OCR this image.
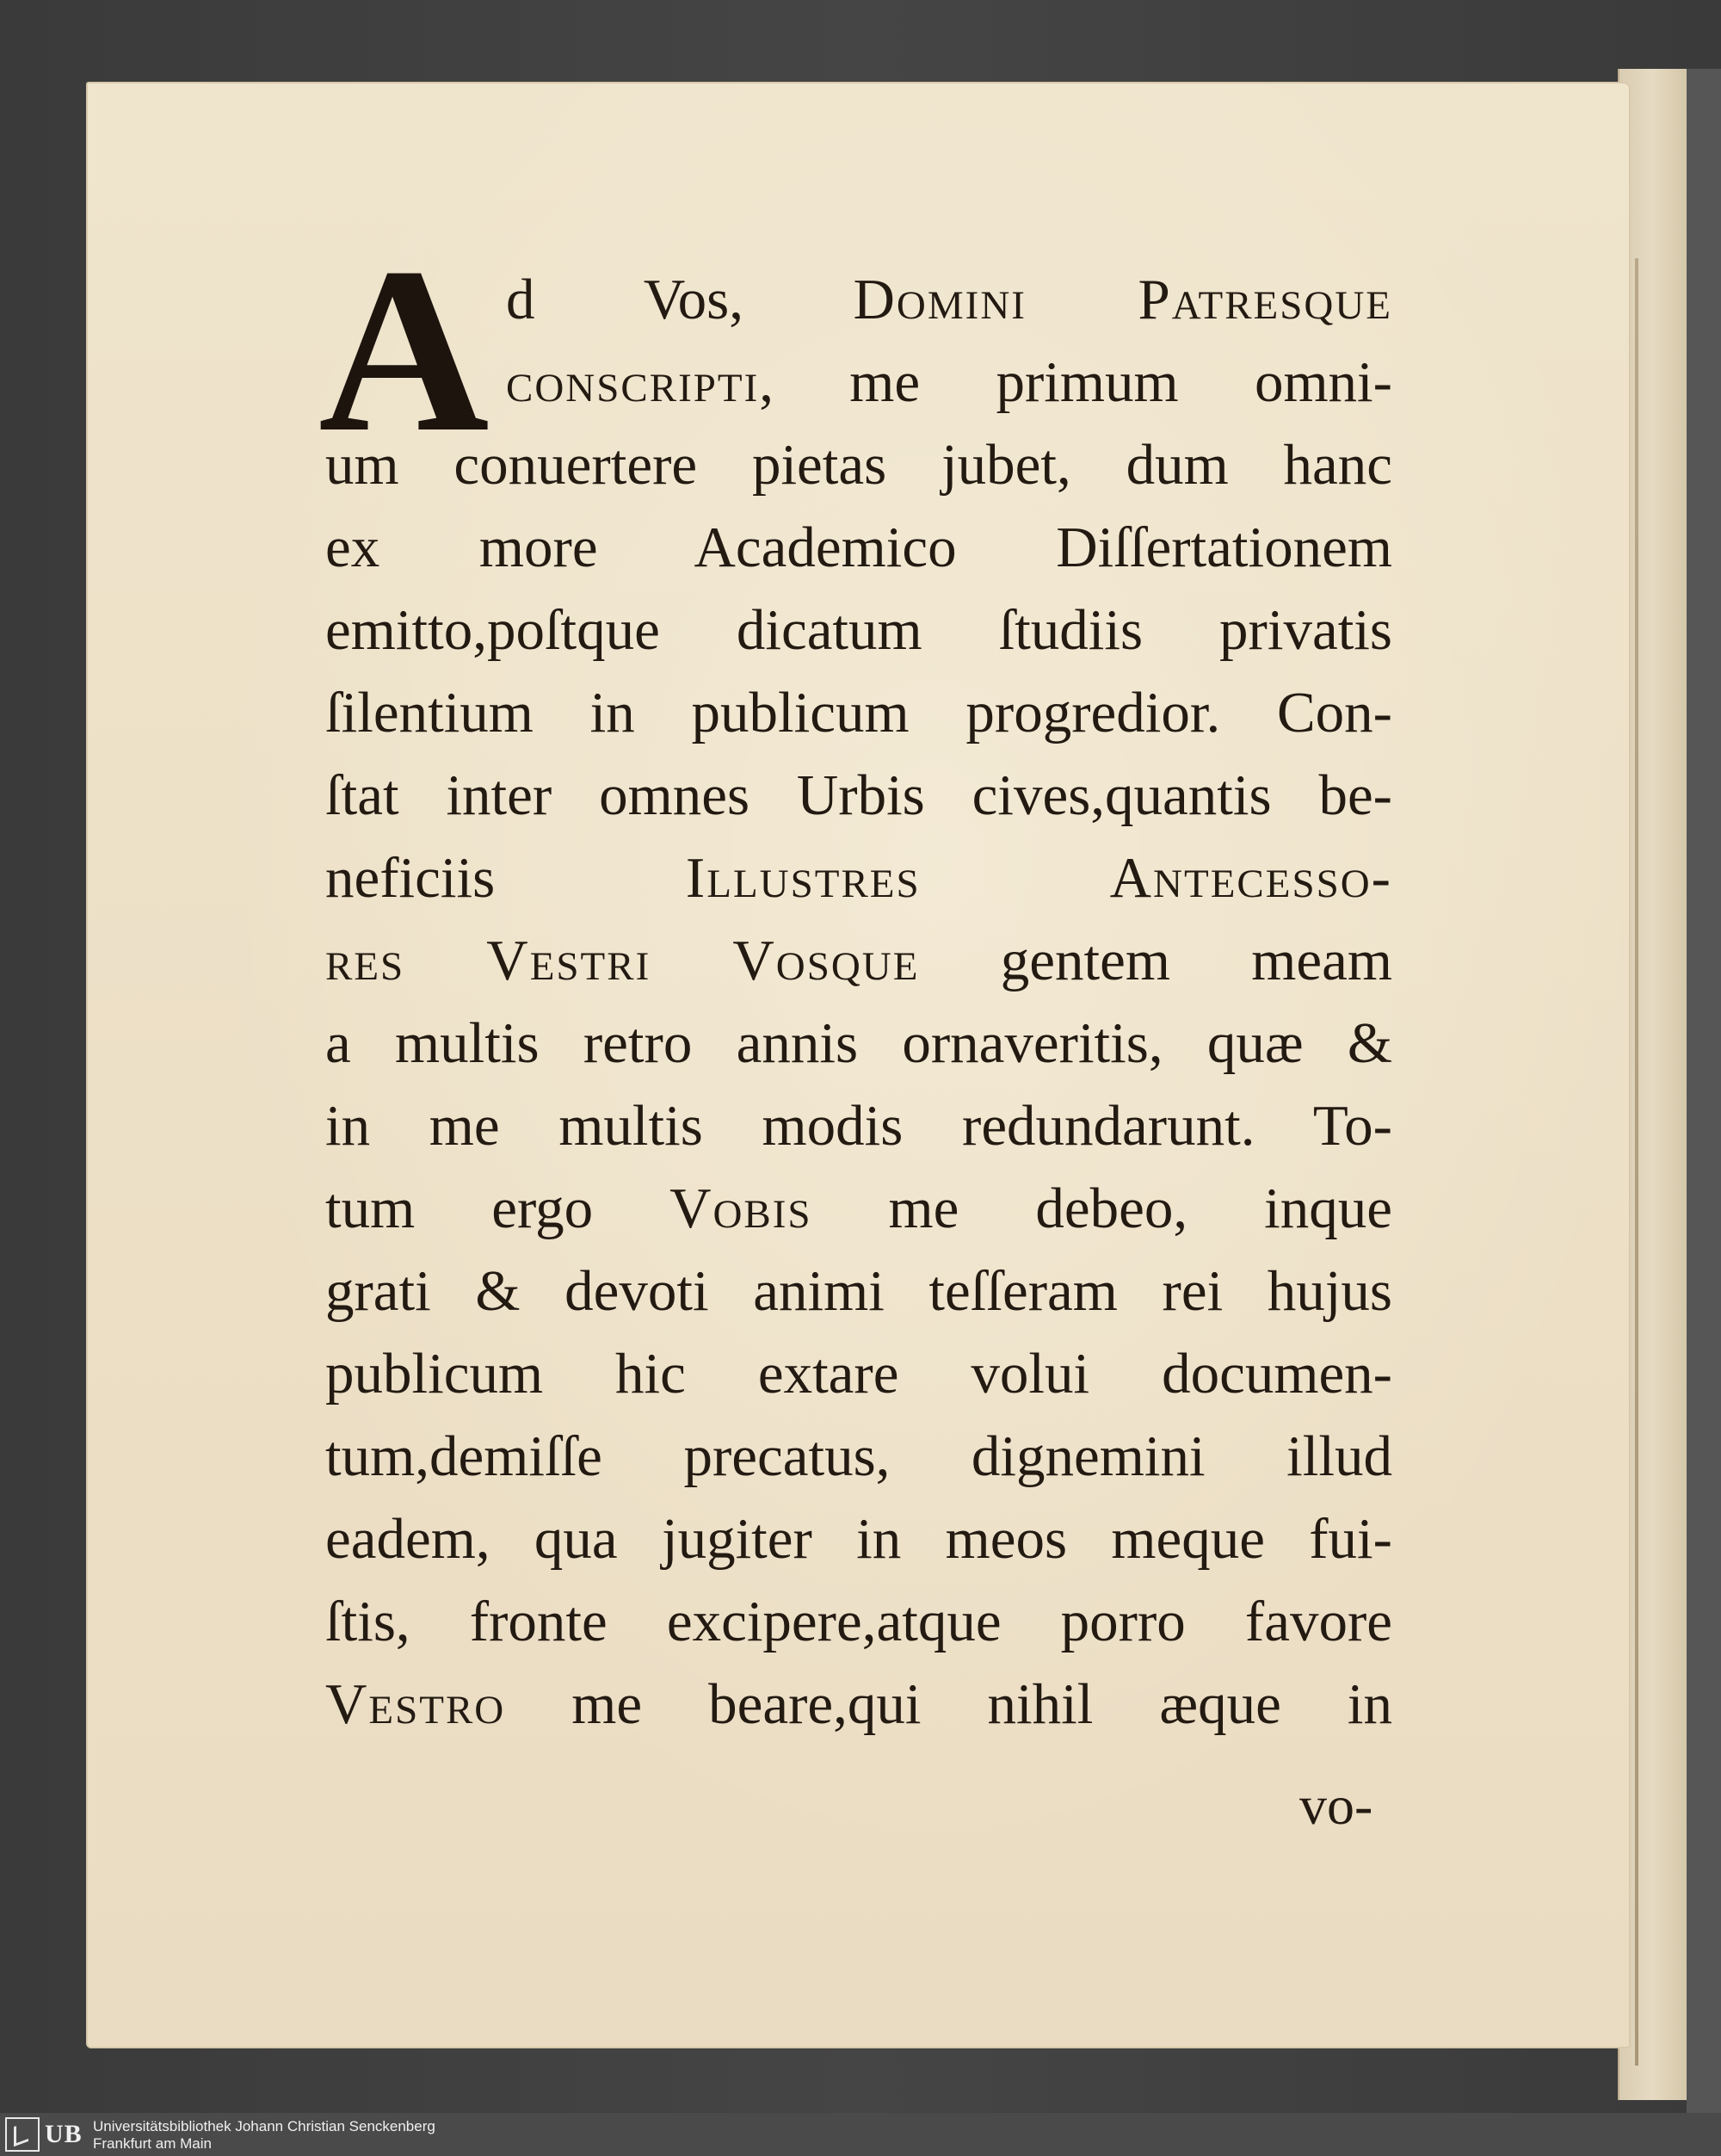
A d Vos, Domini Patresque
conscripti, me primum omni-
um conuertere pietas jubet, dum hanc
ex more Academico Diſſertationem
emitto,poſtque dicatum ſtudiis privatis
ſilentium in publicum progredior. Con-
ſtat inter omnes Urbis cives,quantis be-
neficiis Illustres Antecesso-
res Vestri Vosque gentem meam
a multis retro annis ornaveritis, quæ &
in me multis modis redundarunt. To-
tum ergo Vobis me debeo, inque
grati & devoti animi teſſeram rei hujus
publicum hic extare volui documen-
tum,demiſſe precatus, dignemini illud
eadem, qua jugiter in meos meque fui-
ſtis, fronte excipere,atque porro favore
Vestro me beare,qui nihil æque in
vo-
UB Universitätsbibliothek Johann Christian Senckenberg
Frankfurt am Main
